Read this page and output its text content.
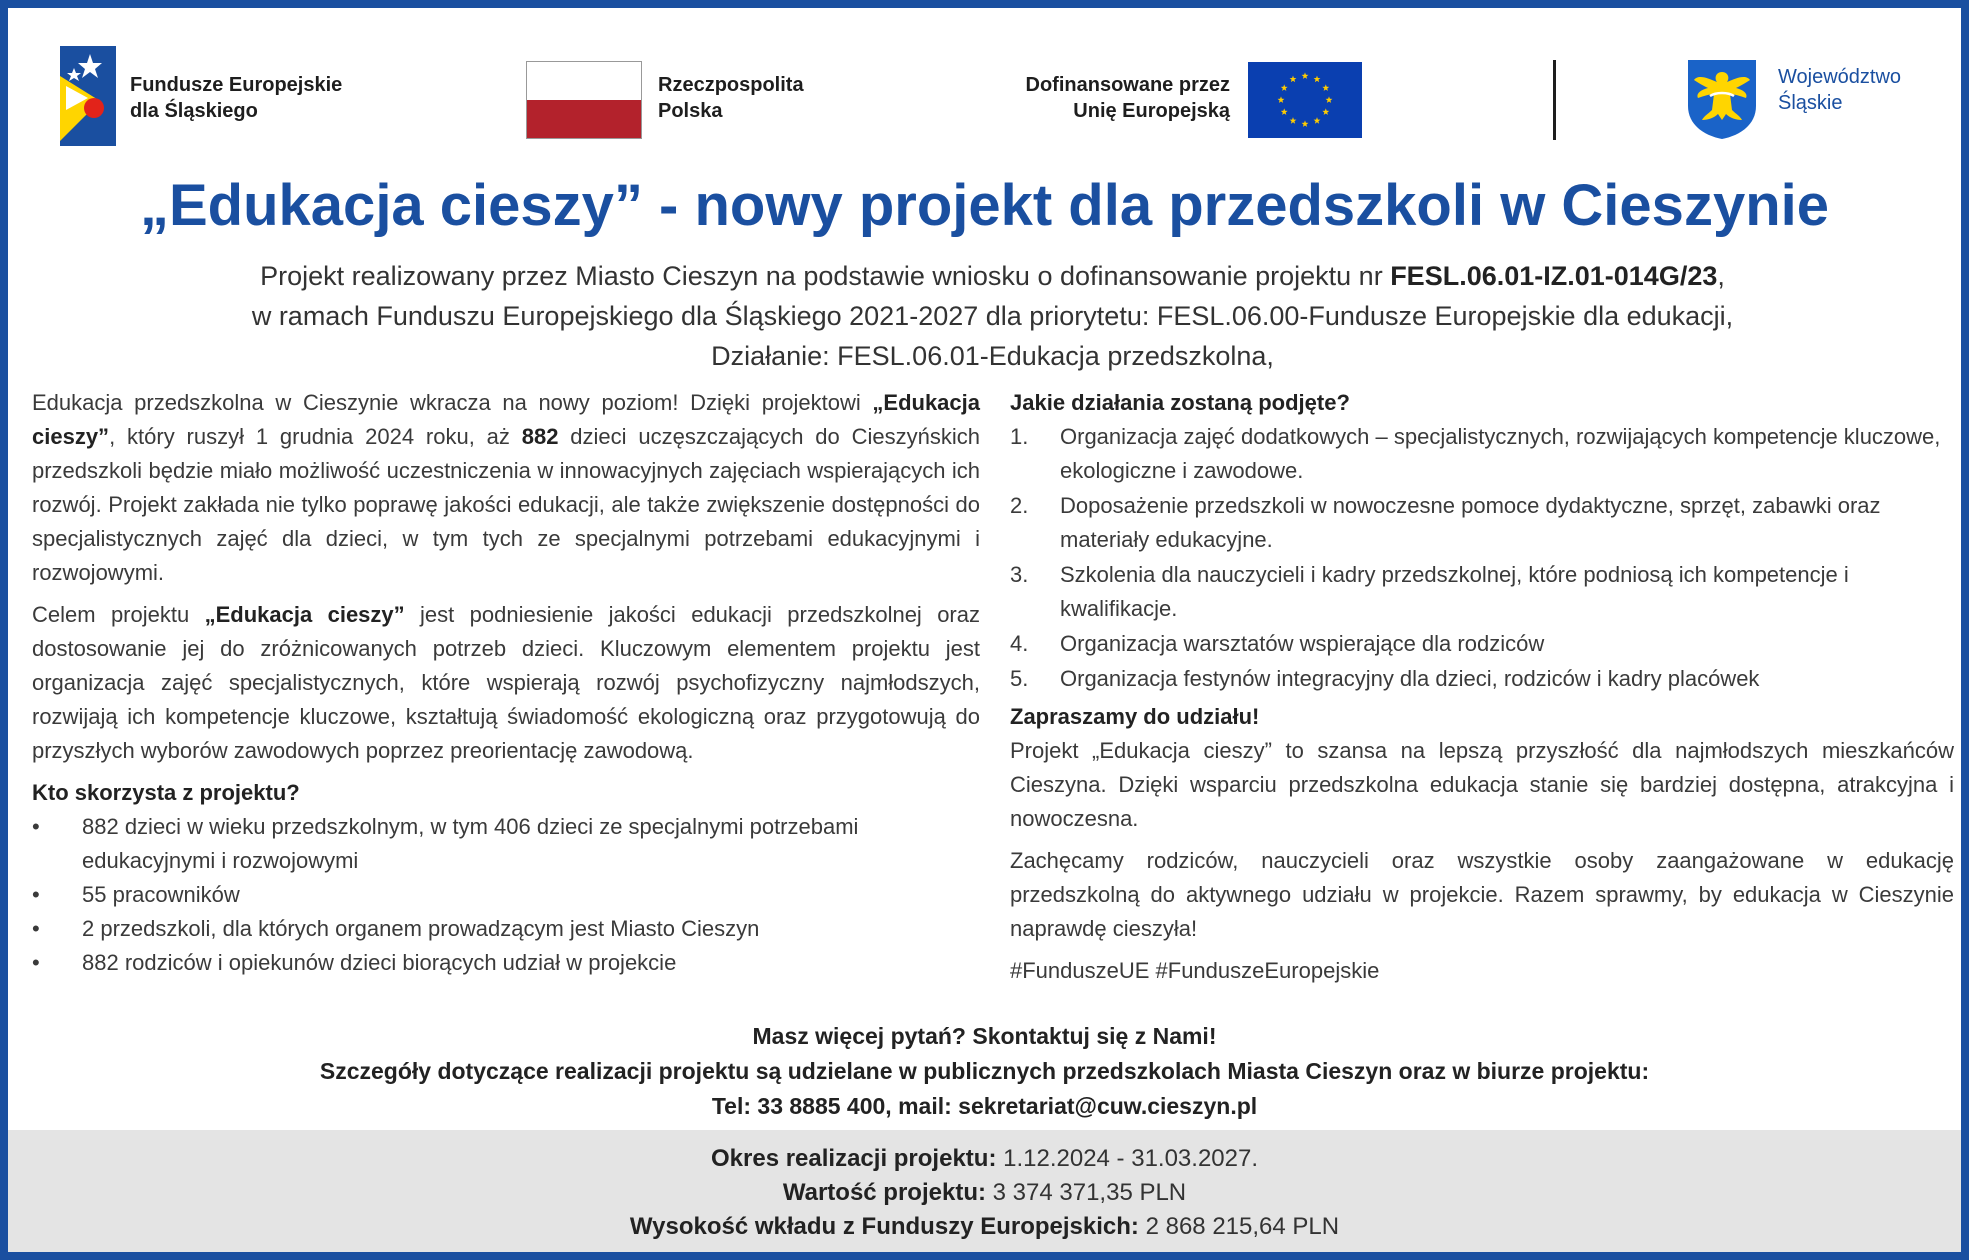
Fundusze Europejskie
dla Śląskiego
Rzeczpospolita
Polska
Dofinansowane przez
Unię Europejską
Województwo
Śląskie
„Edukacja cieszy” - nowy projekt dla przedszkoli w Cieszynie
Projekt realizowany przez Miasto Cieszyn na podstawie wniosku o dofinansowanie projektu nr FESL.06.01-IZ.01-014G/23,
w ramach Funduszu Europejskiego dla Śląskiego 2021-2027 dla priorytetu: FESL.06.00-Fundusze Europejskie dla edukacji,
Działanie: FESL.06.01-Edukacja przedszkolna,

Edukacja przedszkolna w Cieszynie wkracza na nowy poziom! Dzięki projektowi „Edukacja cieszy”, który ruszył 1 grudnia 2024 roku, aż 882 dzieci uczęszczających do Cieszyńskich przedszkoli będzie miało możliwość uczestniczenia w innowacyjnych zajęciach wspierających ich rozwój. Projekt zakłada nie tylko poprawę jakości edukacji, ale także zwiększenie dostępności do specjalistycznych zajęć dla dzieci, w tym tych ze specjalnymi potrzebami edukacyjnymi i rozwojowymi.

Celem projektu „Edukacja cieszy” jest podniesienie jakości edukacji przedszkolnej oraz dostosowanie jej do zróżnicowanych potrzeb dzieci. Kluczowym elementem projektu jest organizacja zajęć specjalistycznych, które wspierają rozwój psychofizyczny najmłodszych, rozwijają ich kompetencje kluczowe, kształtują świadomość ekologiczną oraz przygotowują do przyszłych wyborów zawodowych poprzez preorientację zawodową.

Kto skorzysta z projektu?
• 882 dzieci w wieku przedszkolnym, w tym 406 dzieci ze specjalnymi potrzebami edukacyjnymi i rozwojowymi
• 55 pracowników
• 2 przedszkoli, dla których organem prowadzącym jest Miasto Cieszyn
• 882 rodziców i opiekunów dzieci biorących udział w projekcie
Jakie działania zostaną podjęte?
1. Organizacja zajęć dodatkowych – specjalistycznych, rozwijających kompetencje kluczowe, ekologiczne i zawodowe.
2. Doposażenie przedszkoli w nowoczesne pomoce dydaktyczne, sprzęt, zabawki oraz materiały edukacyjne.
3. Szkolenia dla nauczycieli i kadry przedszkolnej, które podniosą ich kompetencje i kwalifikacje.
4. Organizacja warsztatów wspierające dla rodziców
5. Organizacja festynów integracyjny dla dzieci, rodziców i kadry placówek
Zapraszamy do udziału!

Projekt „Edukacja cieszy” to szansa na lepszą przyszłość dla najmłodszych mieszkańców Cieszyna. Dzięki wsparciu przedszkolna edukacja stanie się bardziej dostępna, atrakcyjna i nowoczesna.

Zachęcamy rodziców, nauczycieli oraz wszystkie osoby zaangażowane w edukację przedszkolną do aktywnego udziału w projekcie. Razem sprawmy, by edukacja w Cieszynie naprawdę cieszyła!

#FunduszeUE #FunduszeEuropejskie

Masz więcej pytań? Skontaktuj się z Nami!
Szczegóły dotyczące realizacji projektu są udzielane w publicznych przedszkolach Miasta Cieszyn oraz w biurze projektu:
Tel: 33 8885 400, mail: sekretariat@cuw.cieszyn.pl
Okres realizacji projektu: 1.12.2024 - 31.03.2027.
Wartość projektu: 3 374 371,35 PLN
Wysokość wkładu z Funduszy Europejskich: 2 868 215,64 PLN
